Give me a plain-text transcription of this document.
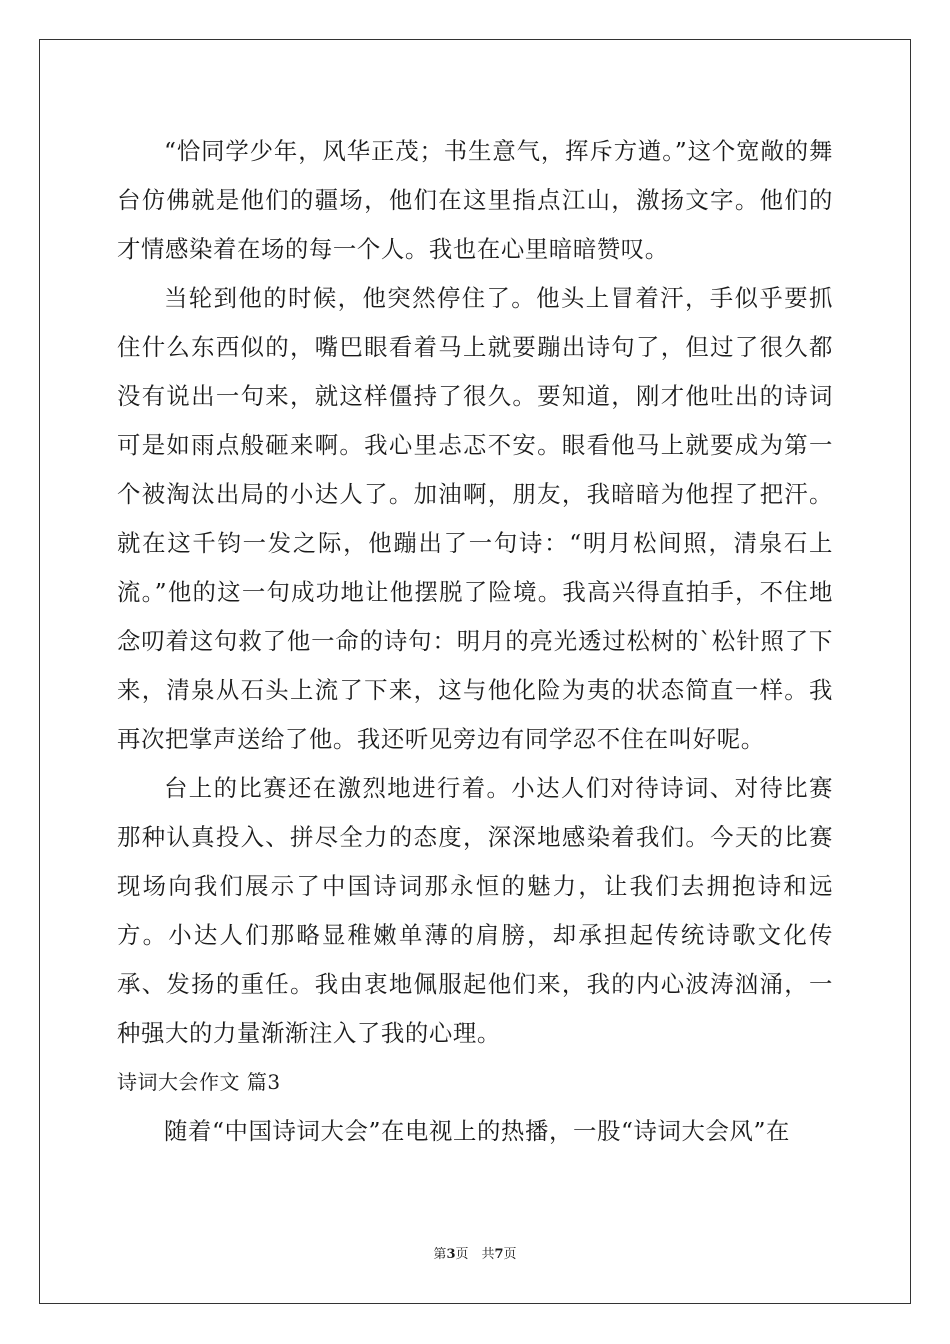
“恰同学少年，风华正茂；书生意气，挥斥方遒。”这个宽敞的舞台仿佛就是他们的疆场，他们在这里指点江山，激扬文字。他们的才情感染着在场的每一个人。我也在心里暗暗赞叹。

当轮到他的时候，他突然停住了。他头上冒着汗，手似乎要抓住什么东西似的，嘴巴眼看着马上就要蹦出诗句了，但过了很久都没有说出一句来，就这样僵持了很久。要知道，刚才他吐出的诗词可是如雨点般砸来啊。我心里忐忑不安。眼看他马上就要成为第一个被淘汰出局的小达人了。加油啊，朋友，我暗暗为他捏了把汗。就在这千钧一发之际，他蹦出了一句诗：“明月松间照，清泉石上流。”他的这一句成功地让他摆脱了险境。我高兴得直拍手，不住地念叨着这句救了他一命的诗句：明月的亮光透过松树的`松针照了下来，清泉从石头上流了下来，这与他化险为夷的状态简直一样。我再次把掌声送给了他。我还听见旁边有同学忍不住在叫好呢。

台上的比赛还在激烈地进行着。小达人们对待诗词、对待比赛那种认真投入、拼尽全力的态度，深深地感染着我们。今天的比赛现场向我们展示了中国诗词那永恒的魅力，让我们去拥抱诗和远方。小达人们那略显稚嫩单薄的肩膀，却承担起传统诗歌文化传承、发扬的重任。我由衷地佩服起他们来，我的内心波涛汹涌，一种强大的力量渐渐注入了我的心理。

诗词大会作文 篇3

随着“中国诗词大会”在电视上的热播，一股“诗词大会风”在

第3页　共7页
